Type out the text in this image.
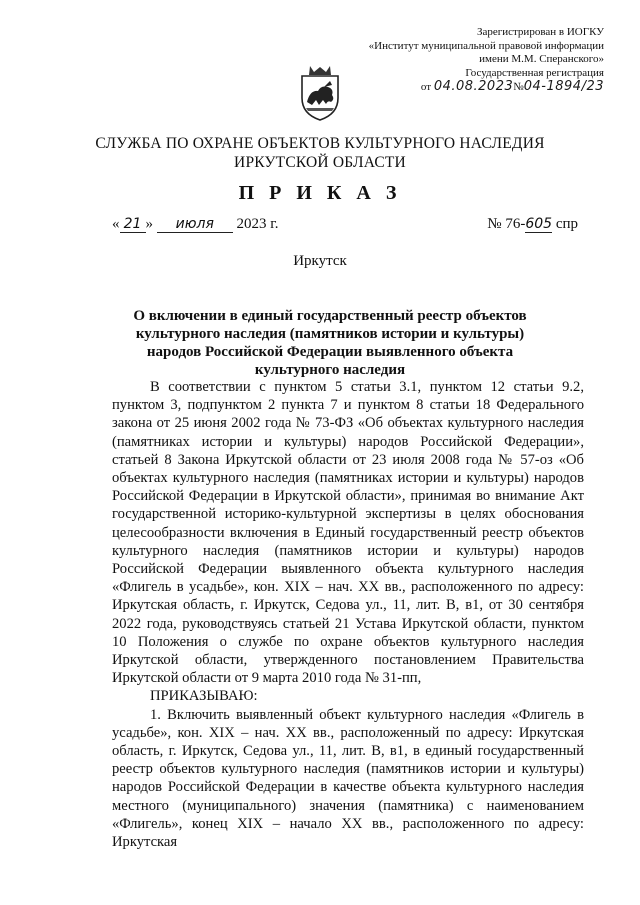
Зарегистрирован в ИОГКУ
«Институт муниципальной правовой информации
имени М.М. Сперанского»
Государственная регистрация
от 04.08.2023№04-1894/23
СЛУЖБА ПО ОХРАНЕ ОБЪЕКТОВ КУЛЬТУРНОГО НАСЛЕДИЯ
ИРКУТСКОЙ ОБЛАСТИ
П Р И К А З
« 21 » июля 2023 г.	№ 76-605 спр
Иркутск
О включении в единый государственный реестр объектов культурного наследия (памятников истории и культуры) народов Российской Федерации выявленного объекта культурного наследия

В соответствии с пунктом 5 статьи 3.1, пунктом 12 статьи 9.2, пунктом 3, подпунктом 2 пункта 7 и пунктом 8 статьи 18 Федерального закона от 25 июня 2002 года № 73-ФЗ «Об объектах культурного наследия (памятниках истории и культуры) народов Российской Федерации», статьей 8 Закона Иркутской области от 23 июля 2008 года № 57-оз «Об объектах культурного наследия (памятниках истории и культуры) народов Российской Федерации в Иркутской области», принимая во внимание Акт государственной историко-культурной экспертизы в целях обоснования целесообразности включения в Единый государственный реестр объектов культурного наследия (памятников истории и культуры) народов Российской Федерации выявленного объекта культурного наследия «Флигель в усадьбе», кон. XIX – нач. XX вв., расположенного по адресу: Иркутская область, г. Иркутск, Седова ул., 11, лит. В, в1, от 30 сентября 2022 года, руководствуясь статьей 21 Устава Иркутской области, пунктом 10 Положения о службе по охране объектов культурного наследия Иркутской области, утвержденного постановлением Правительства Иркутской области от 9 марта 2010 года № 31-пп,

ПРИКАЗЫВАЮ:

1. Включить выявленный объект культурного наследия «Флигель в усадьбе», кон. XIX – нач. XX вв., расположенный по адресу: Иркутская область, г. Иркутск, Седова ул., 11, лит. В, в1, в единый государственный реестр объектов культурного наследия (памятников истории и культуры) народов Российской Федерации в качестве объекта культурного наследия местного (муниципального) значения (памятника) с наименованием «Флигель», конец XIX – начало XX вв., расположенного по адресу: Иркутская
